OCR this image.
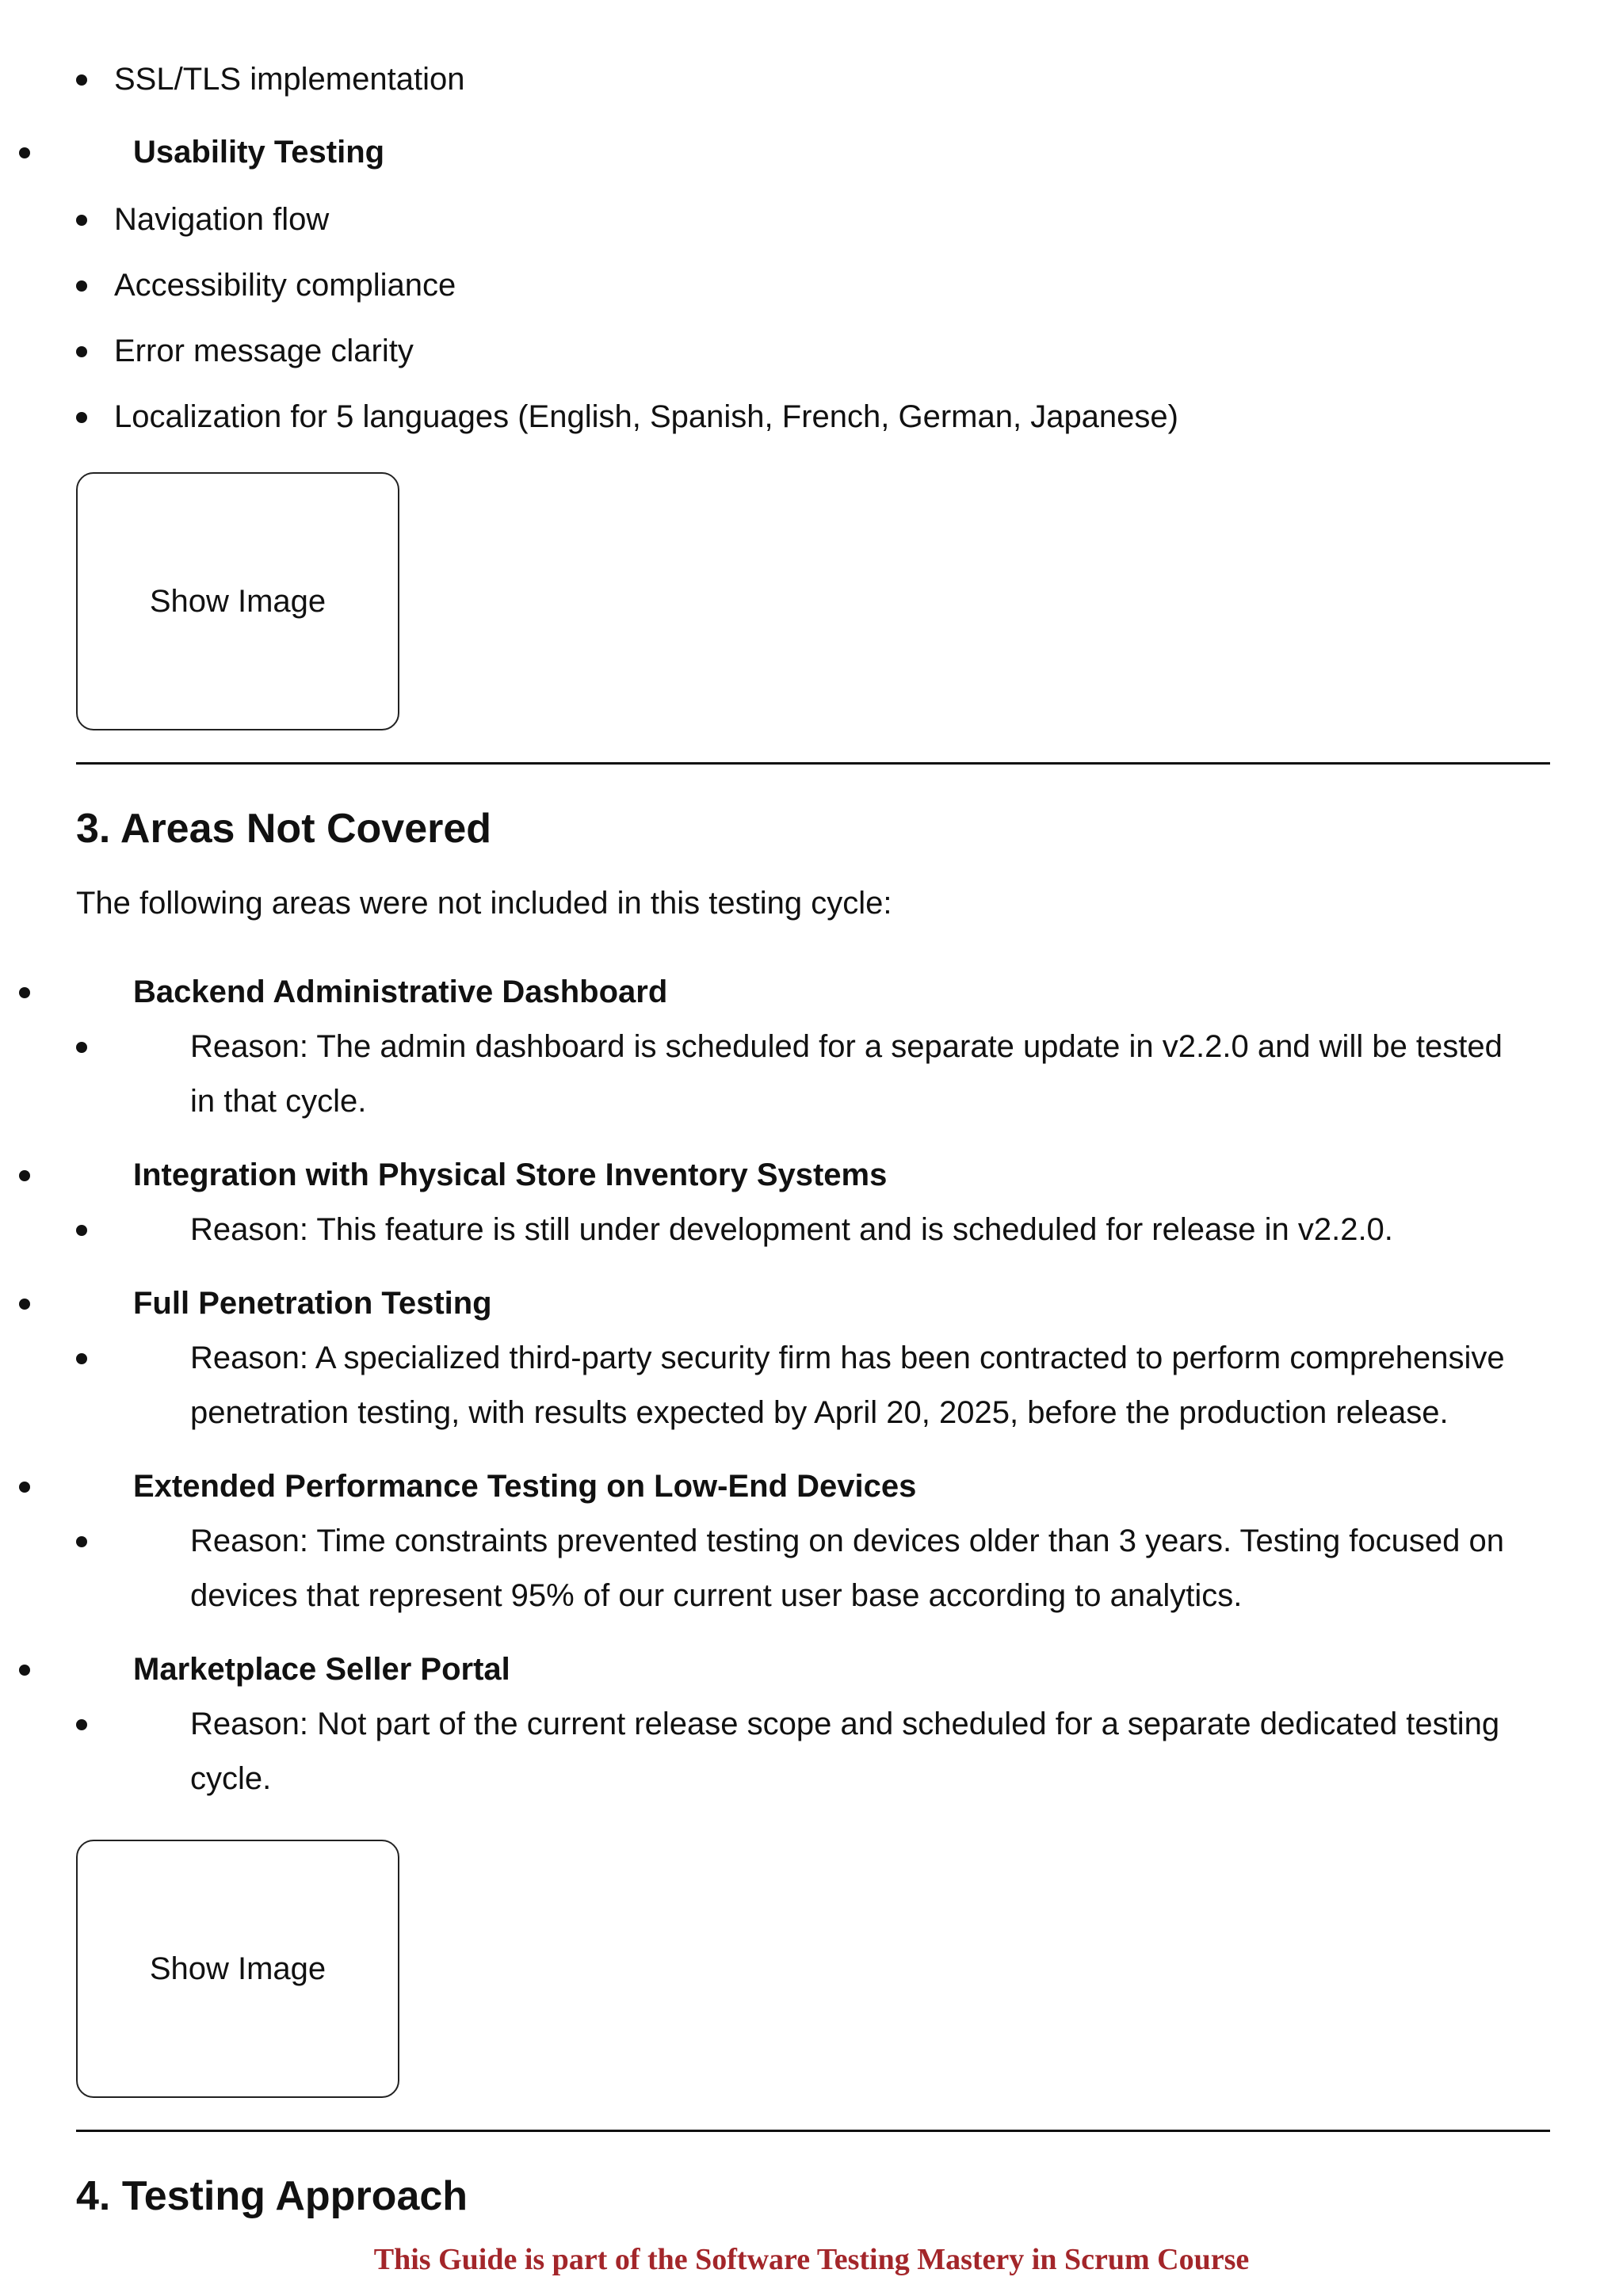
SSL/TLS implementation
Usability Testing
Navigation flow
Accessibility compliance
Error message clarity
Localization for 5 languages (English, Spanish, French, German, Japanese)
Show Image
3. Areas Not Covered

The following areas were not included in this testing cycle:

Backend Administrative Dashboard
Reason: The admin dashboard is scheduled for a separate update in v2.2.0 and will be tested in that cycle.
Integration with Physical Store Inventory Systems
Reason: This feature is still under development and is scheduled for release in v2.2.0.
Full Penetration Testing
Reason: A specialized third-party security firm has been contracted to perform comprehensive penetration testing, with results expected by April 20, 2025, before the production release.
Extended Performance Testing on Low-End Devices
Reason: Time constraints prevented testing on devices older than 3 years. Testing focused on devices that represent 95% of our current user base according to analytics.
Marketplace Seller Portal
Reason: Not part of the current release scope and scheduled for a separate dedicated testing cycle.
Show Image
4. Testing Approach
This Guide is part of the Software Testing Mastery in Scrum Course
